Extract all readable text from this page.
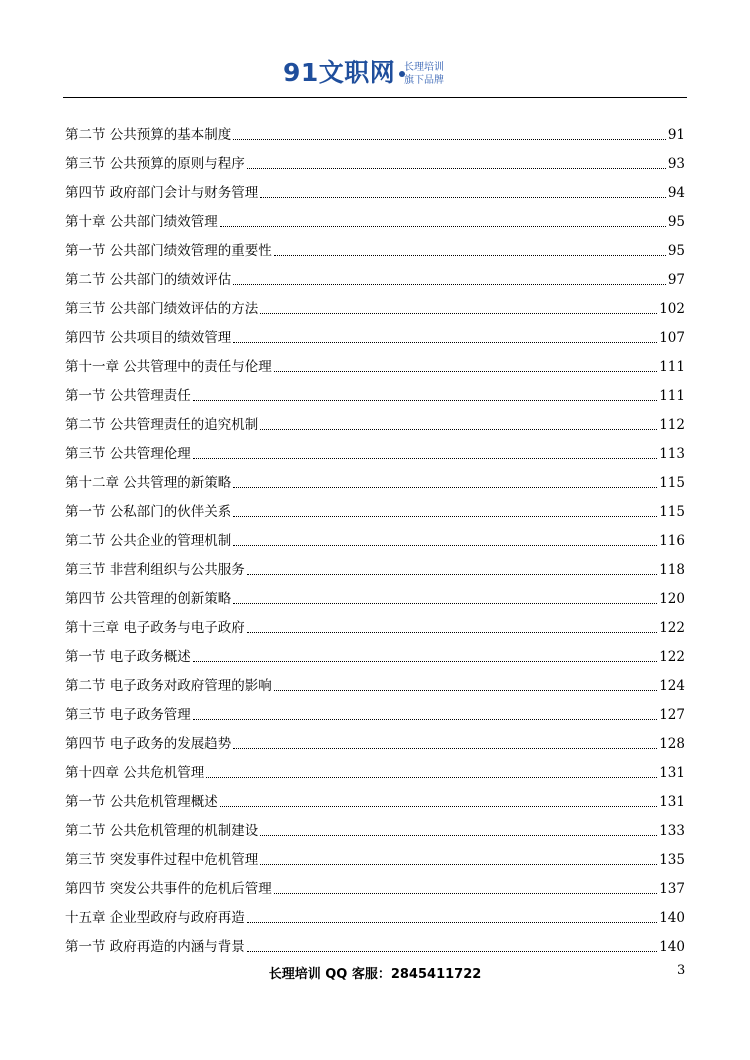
91文职网 长理培训
旗下品牌
第二节 公共预算的基本制度	91
第三节 公共预算的原则与程序	93
第四节 政府部门会计与财务管理	94
第十章 公共部门绩效管理	95
第一节 公共部门绩效管理的重要性	95
第二节 公共部门的绩效评估	97
第三节 公共部门绩效评估的方法	102
第四节 公共项目的绩效管理	107
第十一章 公共管理中的责任与伦理	111
第一节 公共管理责任	111
第二节 公共管理责任的追究机制	112
第三节 公共管理伦理	113
第十二章 公共管理的新策略	115
第一节 公私部门的伙伴关系	115
第二节 公共企业的管理机制	116
第三节 非营利组织与公共服务	118
第四节 公共管理的创新策略	120
第十三章 电子政务与电子政府	122
第一节 电子政务概述	122
第二节 电子政务对政府管理的影响	124
第三节 电子政务管理	127
第四节 电子政务的发展趋势	128
第十四章 公共危机管理	131
第一节 公共危机管理概述	131
第二节 公共危机管理的机制建设	133
第三节 突发事件过程中危机管理	135
第四节 突发公共事件的危机后管理	137
十五章 企业型政府与政府再造	140
第一节 政府再造的内涵与背景	140
长理培训 QQ 客服：2845411722	3
